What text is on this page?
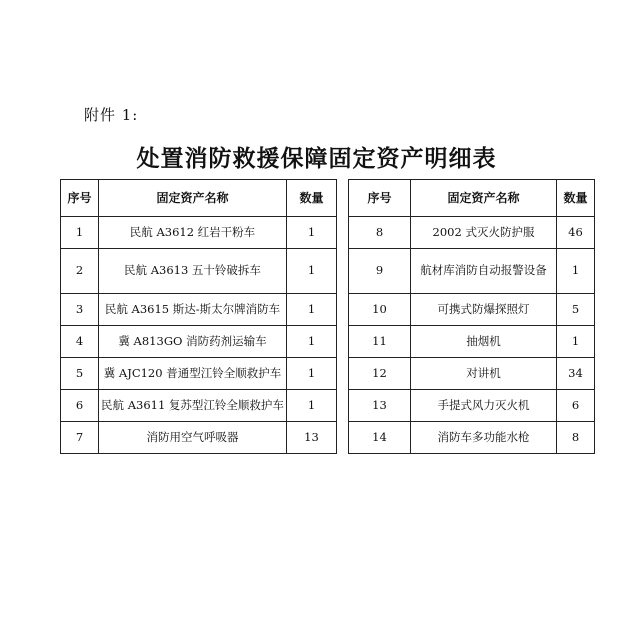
附件 1:
处置消防救援保障固定资产明细表
序号	固定资产名称	数量		序号	固定资产名称	数量
1	民航 A3612 红岩干粉车	1		8	2002 式灭火防护服	46
2	民航 A3613 五十铃破拆车	1		9	航材库消防自动报警设备	1
3	民航 A3615 斯达-斯太尔牌消防车	1		10	可携式防爆探照灯	5
4	冀 A813GO 消防药剂运输车	1		11	抽烟机	1
5	冀 AJC120 普通型江铃全顺救护车	1		12	对讲机	34
6	民航 A3611 复苏型江铃全顺救护车	1		13	手提式风力灭火机	6
7	消防用空气呼吸器	13		14	消防车多功能水枪	8
